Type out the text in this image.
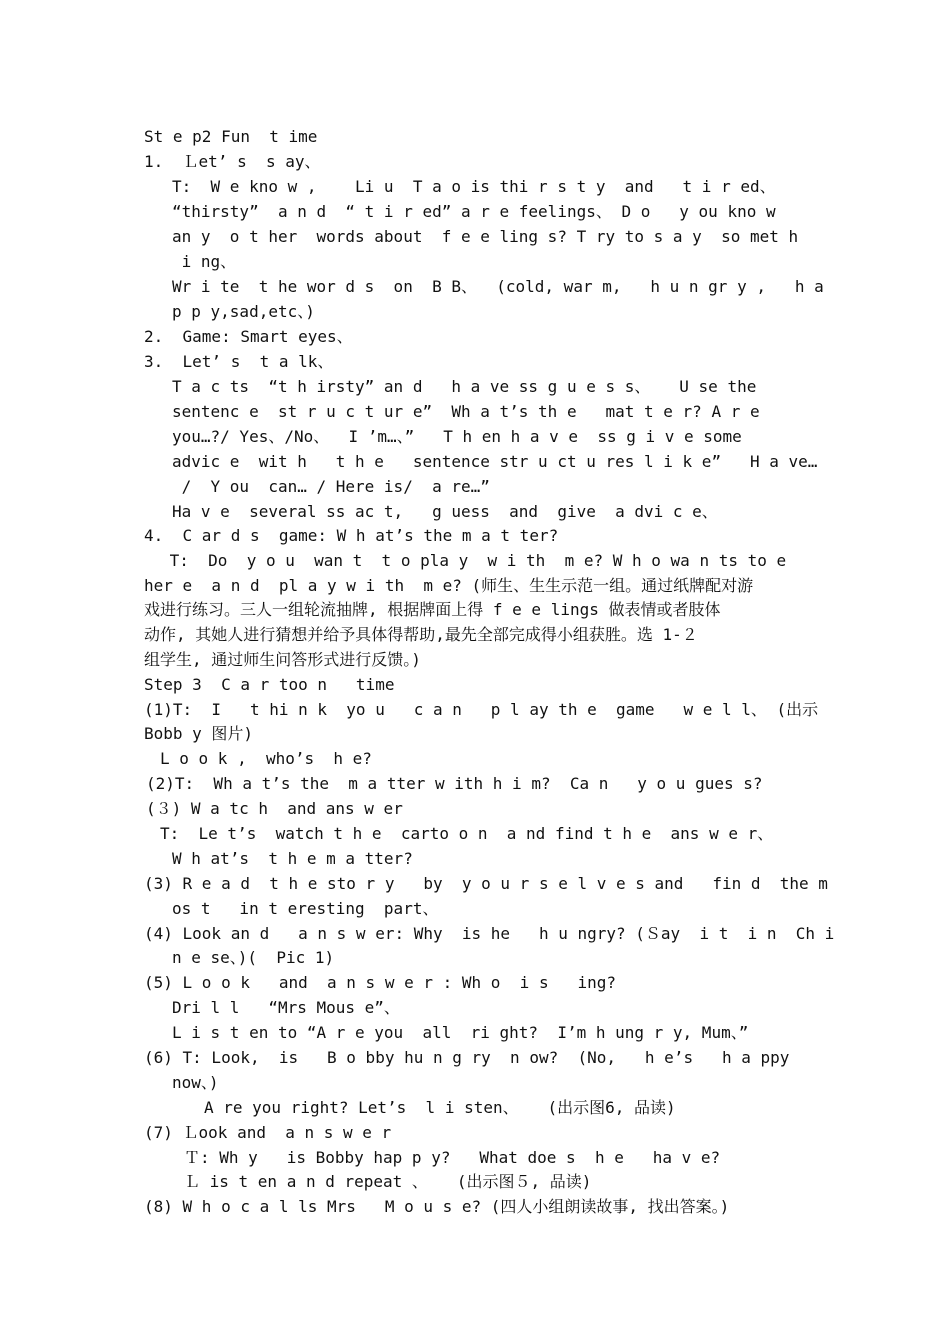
St e p2 Fun  t ime
1.  Ｌet’ s  s ay、
T:  W e kno w ,    Li u  T a o is thi r s t y  and   t i r ed、
“thirsty”  a n d  “ t i r ed” a r e feelings、 D o   y ou kno w
an y  o t her  words about  f e e ling s? T ry to s a y  so met h
i ng、
Wr i te  t he wor d s  on  B B、  (cold, war m,   h u n gr y ,   h a
p p y,sad,etc、)
2.  Game: Smart eyes、
3.  Let’ s  t a lk、
T a c ts  “t h irsty” an d   h a ve ss g u e s s、   U se the
sentenc e  st r u c t ur e”  Wh a t’s th e   mat t e r? A r e
you…?/ Yes、/No、  I ’m…、”   T h en h a v e  ss g i v e some
advic e  wit h   t h e   sentence str u ct u res l i k e”   H a ve…
/  Y ou  can… / Here is/  a re…”
Ha v e  several ss ac t,   g uess  and  give  a dvi c e、
4.  C ar d s  game: W h at’s the m a t ter?
T:  Do  y o u  wan t  t o pla y  w i th  m e? W h o wa n ts to e
her e  a n d  pl a y w i th  m e? (师生、生生示范一组。通过纸牌配对游
戏进行练习。三人一组轮流抽牌, 根据牌面上得 f e e lings 做表情或者肢体
动作, 其她人进行猜想并给予具体得帮助,最先全部完成得小组获胜。选 1-２
组学生, 通过师生问答形式进行反馈。)
Step 3  C a r too n   time
(1)T:  I   t hi n k  yo u   c a n   p l ay th e  game   w e l l、 (出示
Bobb y 图片)
L o o k ,  who’s  h e?
(2)T:  Wh a t’s the  m a tter w ith h i m?  Ca n   y o u gues s?
(３) W a tc h  and ans w er
T:  Le t’s  watch t h e  carto o n  a nd find t h e  ans w e r、
W h at’s  t h e m a tter?
(3) R e a d  t h e sto r y   by  y o u r s e l v e s and   fin d  the m
os t   in t eresting  part、
(4) Look an d   a n s w er: Why  is he   h u ngry? (Ｓay  i t  i n  Ch i
n e se、)(  Pic 1)
(5) L o o k   and  a n s w e r : Wh o  i s   ing?
Dri l l   “Mrs Mous e”、
L i s t en to “A r e you  all  ri ght?  I’m h ung r y, Mum、”
(6) T: Look,  is   B o bby hu n g ry  n ow?  (No,   h e’s   h a ppy
now、)
A re you right? Let’s  l i sten、   (出示图6, 品读)
(7) Ｌook and  a n s w e r
Ｔ: Wh y   is Bobby hap p y?   What doe s  h e   ha v e?
Ｌ is t en a n d repeat 、   (出示图５, 品读)
(8) W h o c a l ls Mrs   M o u s e? (四人小组朗读故事, 找出答案。)
